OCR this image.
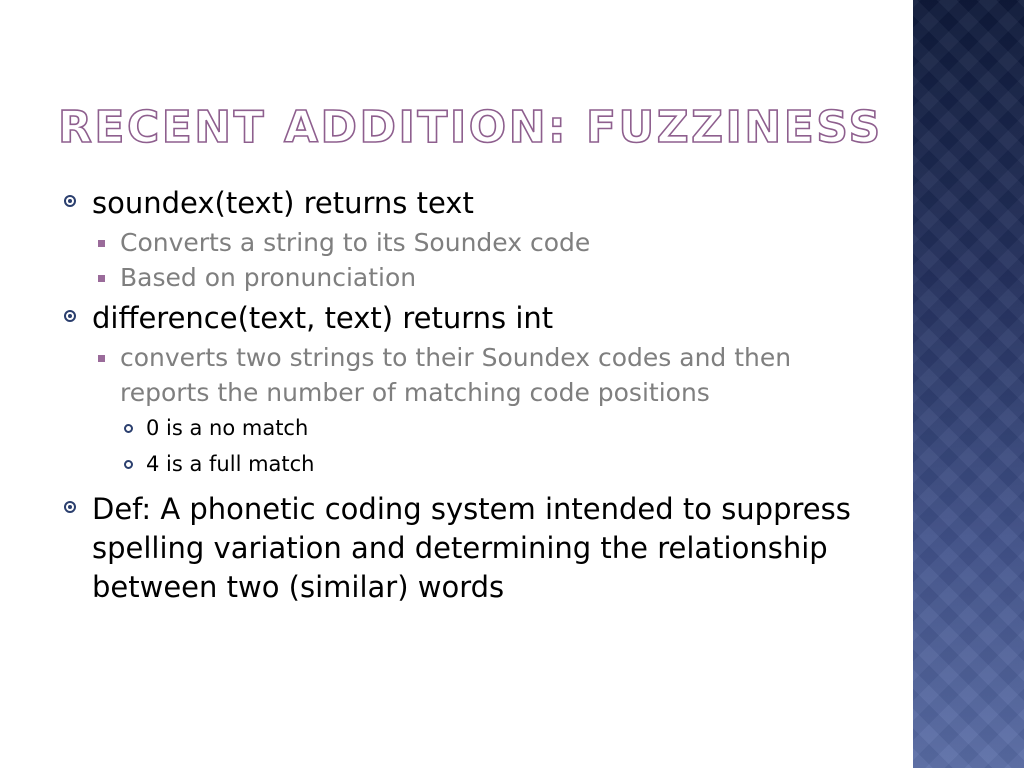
RECENT ADDITION: FUZZINESS
soundex(text) returns text
Converts a string to its Soundex code
Based on pronunciation
difference(text, text) returns int
converts two strings to their Soundex codes and then reports the number of matching code positions
0 is a no match
4 is a full match
Def: A phonetic coding system intended to suppress spelling variation and determining the relationship between two (similar) words
